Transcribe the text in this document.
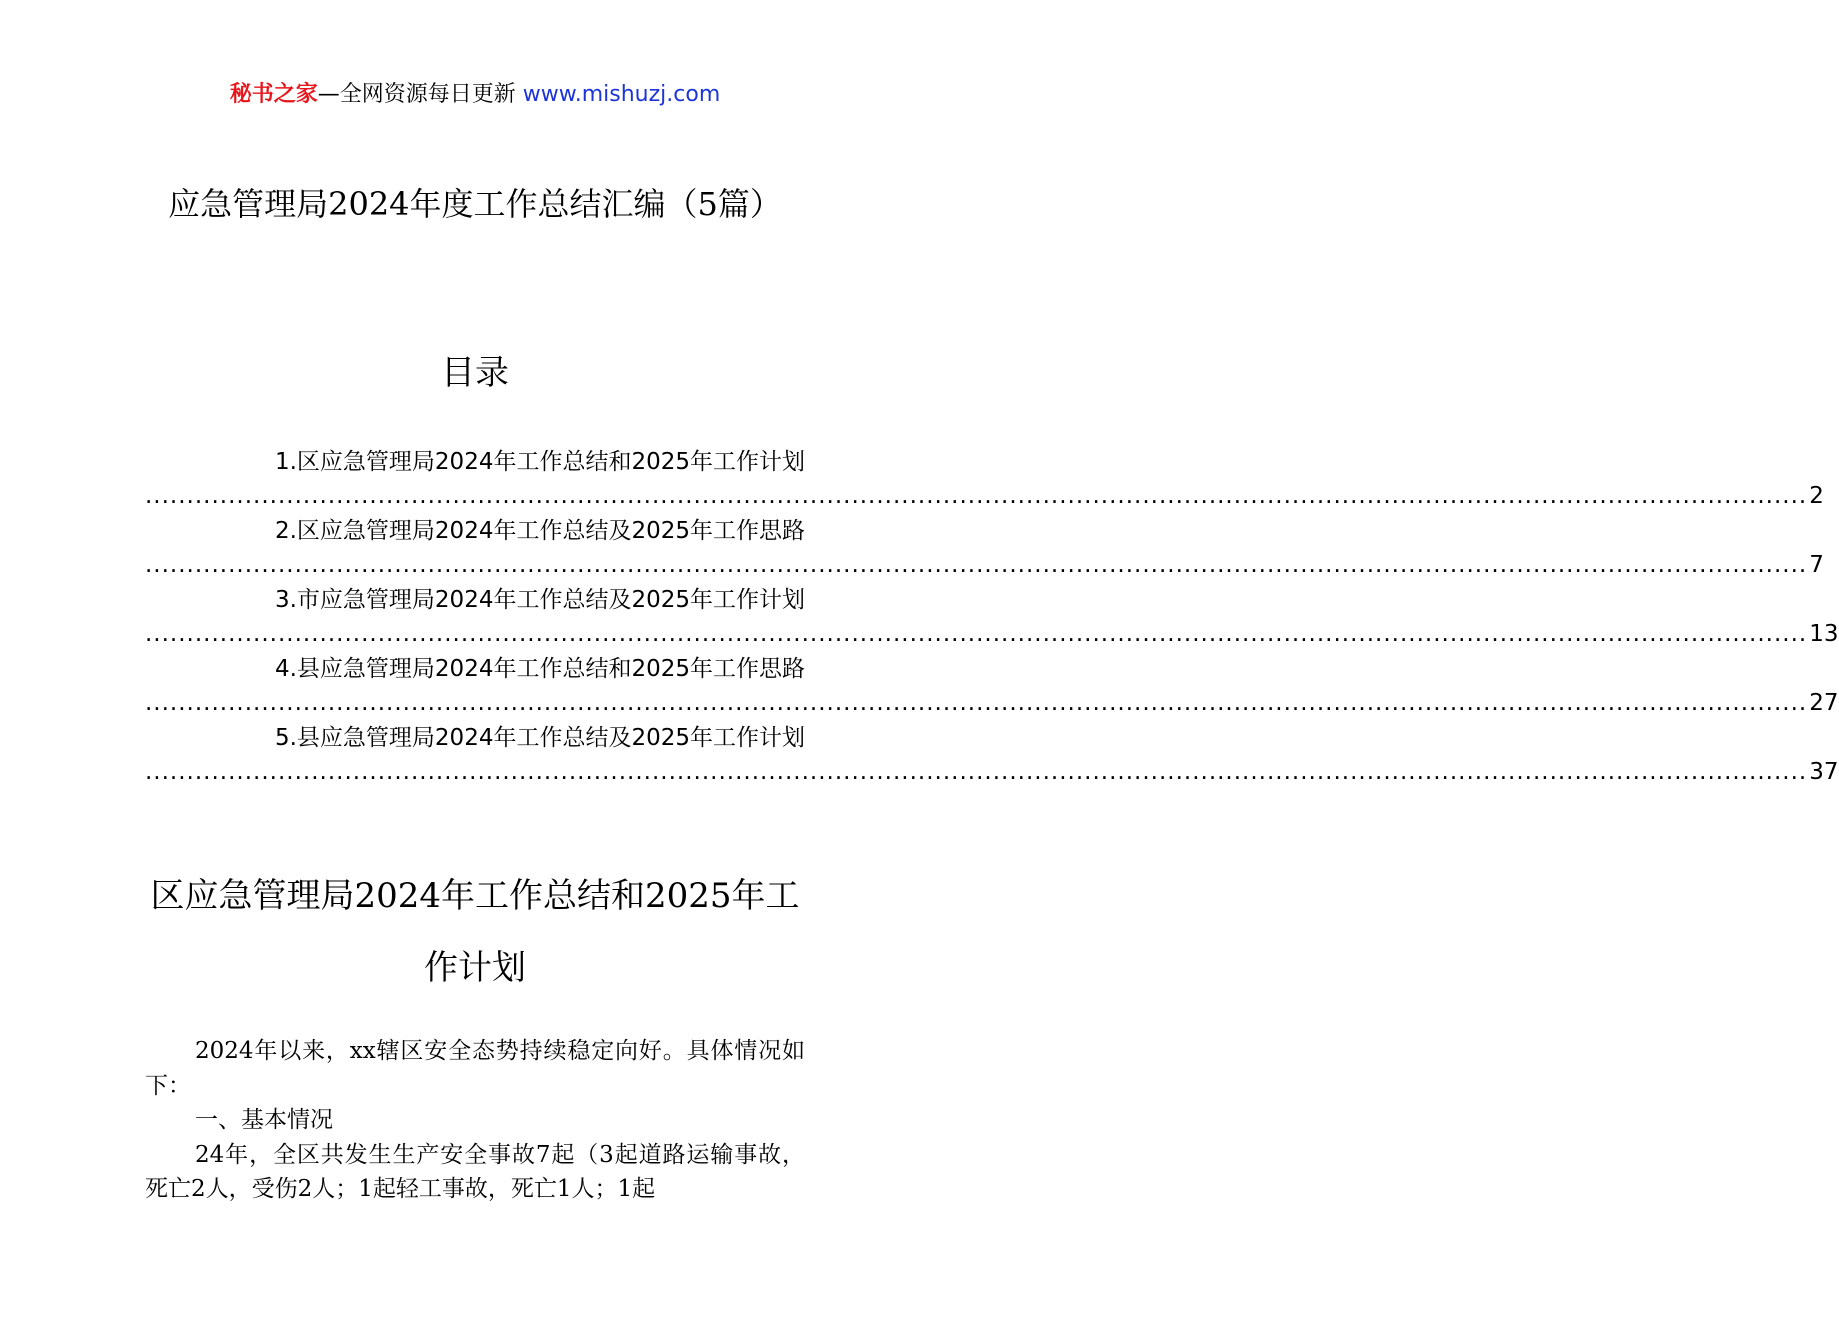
秘书之家—全网资源每日更新 www.mishuzj.com
应急管理局2024年度工作总结汇编（5篇）
目录
1.区应急管理局2024年工作总结和2025年工作计划
........................................................................................................................................................................................................ 2
2.区应急管理局2024年工作总结及2025年工作思路
........................................................................................................................................................................................................ 7
3.市应急管理局2024年工作总结及2025年工作计划
........................................................................................................................................................................................................ 13
4.县应急管理局2024年工作总结和2025年工作思路
........................................................................................................................................................................................................ 27
5.县应急管理局2024年工作总结及2025年工作计划
........................................................................................................................................................................................................ 37
区应急管理局2024年工作总结和2025年工作计划

2024年以来，xx辖区安全态势持续稳定向好。具体情况如下：

一、基本情况

24年，全区共发生生产安全事故7起（3起道路运输事故，死亡2人，受伤2人；1起轻工事故，死亡1人；1起
